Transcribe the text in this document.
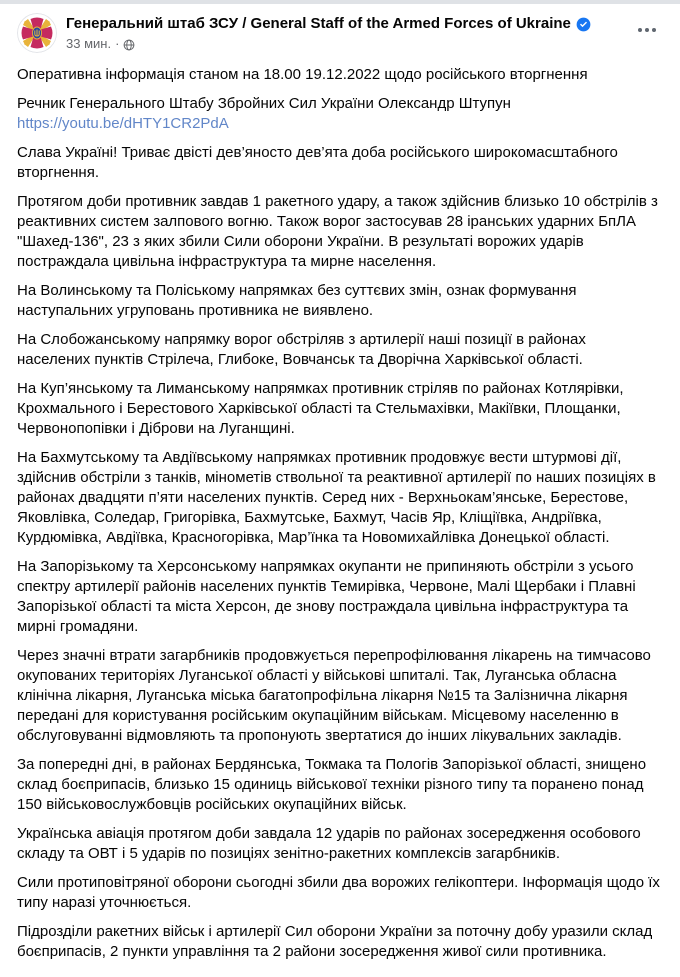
Генеральний штаб ЗСУ / General Staff of the Armed Forces of Ukraine
33 мин. ·

Оперативна інформація станом на 18.00 19.12.2022 щодо російського вторгнення

Речник Генерального Штабу Збройних Сил України Олександр Штупун
https://youtu.be/dHTY1CR2PdA

Слава Україні! Триває двісті дев’яносто дев’ята доба російського широкомасштабного вторгнення.

Протягом доби противник завдав 1 ракетного удару, а також здійснив близько 10 обстрілів з реактивних систем залпового вогню. Також ворог застосував 28 іранських ударних БпЛА "Шахед-136", 23 з яких збили Сили оборони України. В результаті ворожих ударів постраждала цивільна інфраструктура та мирне населення.

На Волинському та Поліському напрямках без суттєвих змін, ознак формування наступальних угруповань противника не виявлено.

На Слобожанському напрямку ворог обстріляв з артилерії наші позиції в районах населених пунктів Стрілеча, Глибоке, Вовчанськ та Дворічна Харківської області.

На Куп’янському та Лиманському напрямках противник стріляв по районах Котлярівки, Крохмального і Берестового Харківської області та Стельмахівки, Макіївки, Площанки, Червонопопівки і Діброви на Луганщині.

На Бахмутському та Авдіївському напрямках противник продовжує вести штурмові дії, здійснив обстріли з танків, мінометів ствольної та реактивної артилерії по наших позиціях в районах двадцяти п’яти населених пунктів. Серед них - Верхньокам’янське, Берестове, Яковлівка, Соледар, Григорівка, Бахмутське, Бахмут, Часів Яр, Кліщіївка, Андріївка, Курдюмівка, Авдіївка, Красногорівка, Мар’їнка та Новомихайлівка Донецької області.

На Запорізькому та Херсонському напрямках окупанти не припиняють обстріли з усього спектру артилерії районів населених пунктів Темирівка, Червоне, Малі Щербаки і Плавні Запорізької області та міста Херсон, де знову постраждала цивільна інфраструктура та мирні громадяни.

Через значні втрати загарбників продовжується перепрофілювання лікарень на тимчасово окупованих територіях Луганської області у військові шпиталі. Так, Луганська обласна клінічна лікарня, Луганська міська багатопрофільна лікарня №15 та Залізнична лікарня передані для користування російським окупаційним військам. Місцевому населенню в обслуговуванні відмовляють та пропонують звертатися до інших лікувальних закладів.

За попередні дні, в районах Бердянська, Токмака та Пологів Запорізької області, знищено склад боєприпасів, близько 15 одиниць військової техніки різного типу та поранено понад 150 військовослужбовців російських окупаційних військ.

Українська авіація протягом доби завдала 12 ударів по районах зосередження особового складу та ОВТ і 5 ударів по позиціях зенітно-ракетних комплексів загарбників.

Сили протиповітряної оборони сьогодні збили два ворожих гелікоптери. Інформація щодо їх типу наразі уточнюється.

Підрозділи ракетних військ і артилерії Сил оборони України за поточну добу уразили склад боєприпасів, 2 пункти управління та 2 райони зосередження живої сили противника.
